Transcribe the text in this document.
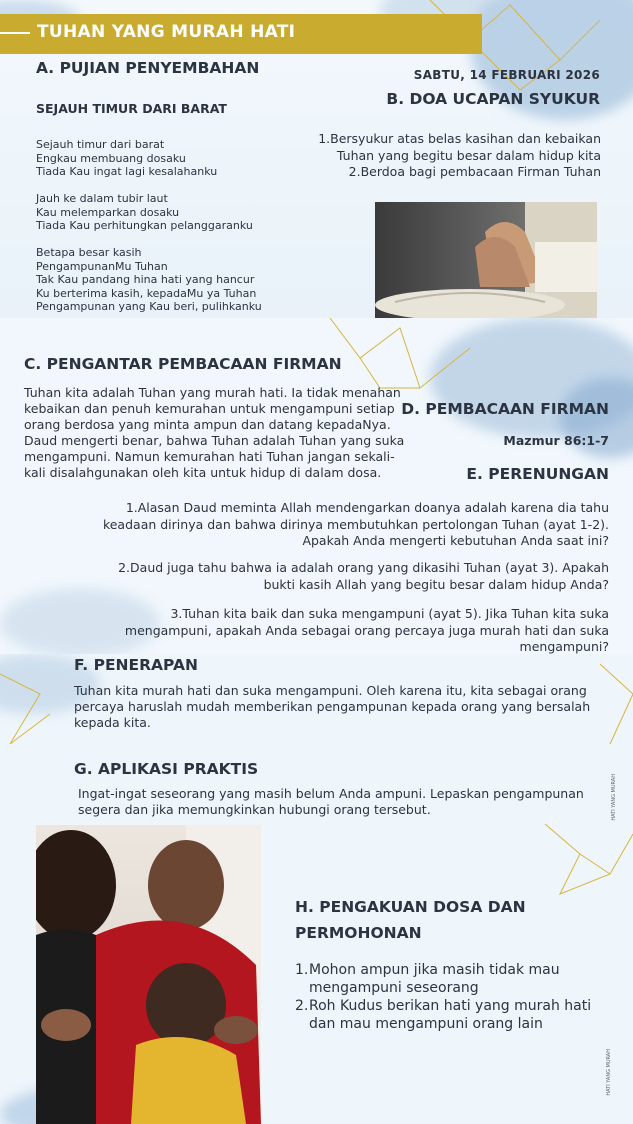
TUHAN YANG MURAH HATI
A. PUJIAN PENYEMBAHAN	SABTU, 14 FEBRUARI 2026
B. DOA UCAPAN SYUKUR
SEJAUH TIMUR DARI BARAT
Sejauh timur dari barat
Engkau membuang dosaku
Tiada Kau ingat lagi kesalahanku
Jauh ke dalam tubir laut
Kau melemparkan dosaku
Tiada Kau perhitungkan pelanggaranku
Betapa besar kasih
PengampunanMu Tuhan
Tak Kau pandang hina hati yang hancur
Ku berterima kasih, kepadaMu ya Tuhan
Pengampunan yang Kau beri, pulihkanku
1.Bersyukur atas belas kasihan dan kebaikan
Tuhan yang begitu besar dalam hidup kita
2.Berdoa bagi pembacaan Firman Tuhan
C. PENGANTAR PEMBACAAN FIRMAN
Tuhan kita adalah Tuhan yang murah hati. Ia tidak menahan
kebaikan dan penuh kemurahan untuk mengampuni setiap
orang berdosa yang minta ampun dan datang kepadaNya.
Daud mengerti benar, bahwa Tuhan adalah Tuhan yang suka
mengampuni. Namun kemurahan hati Tuhan jangan sekali-
kali disalahgunakan oleh kita untuk hidup di dalam dosa.
D. PEMBACAAN FIRMAN
Mazmur 86:1-7
E. PERENUNGAN
1.Alasan Daud meminta Allah mendengarkan doanya adalah karena dia tahu
keadaan dirinya dan bahwa dirinya membutuhkan pertolongan Tuhan (ayat 1-2).
Apakah Anda mengerti kebutuhan Anda saat ini?
2.Daud juga tahu bahwa ia adalah orang yang dikasihi Tuhan (ayat 3). Apakah
bukti kasih Allah yang begitu besar dalam hidup Anda?
3.Tuhan kita baik dan suka mengampuni (ayat 5). Jika Tuhan kita suka
mengampuni, apakah Anda sebagai orang percaya juga murah hati dan suka
mengampuni?
F. PENERAPAN
Tuhan kita murah hati dan suka mengampuni. Oleh karena itu, kita sebagai orang
percaya haruslah mudah memberikan pengampunan kepada orang yang bersalah
kepada kita.
G. APLIKASI PRAKTIS
Ingat-ingat seseorang yang masih belum Anda ampuni. Lepaskan pengampunan
segera dan jika memungkinkan hubungi orang tersebut.
H. PENGAKUAN DOSA DAN
PERMOHONAN
1. Mohon ampun jika masih tidak mau
mengampuni seseorang
2. Roh Kudus berikan hati yang murah hati
dan mau mengampuni orang lain
HATI YANG MURAH
HATI YANG MURAH
